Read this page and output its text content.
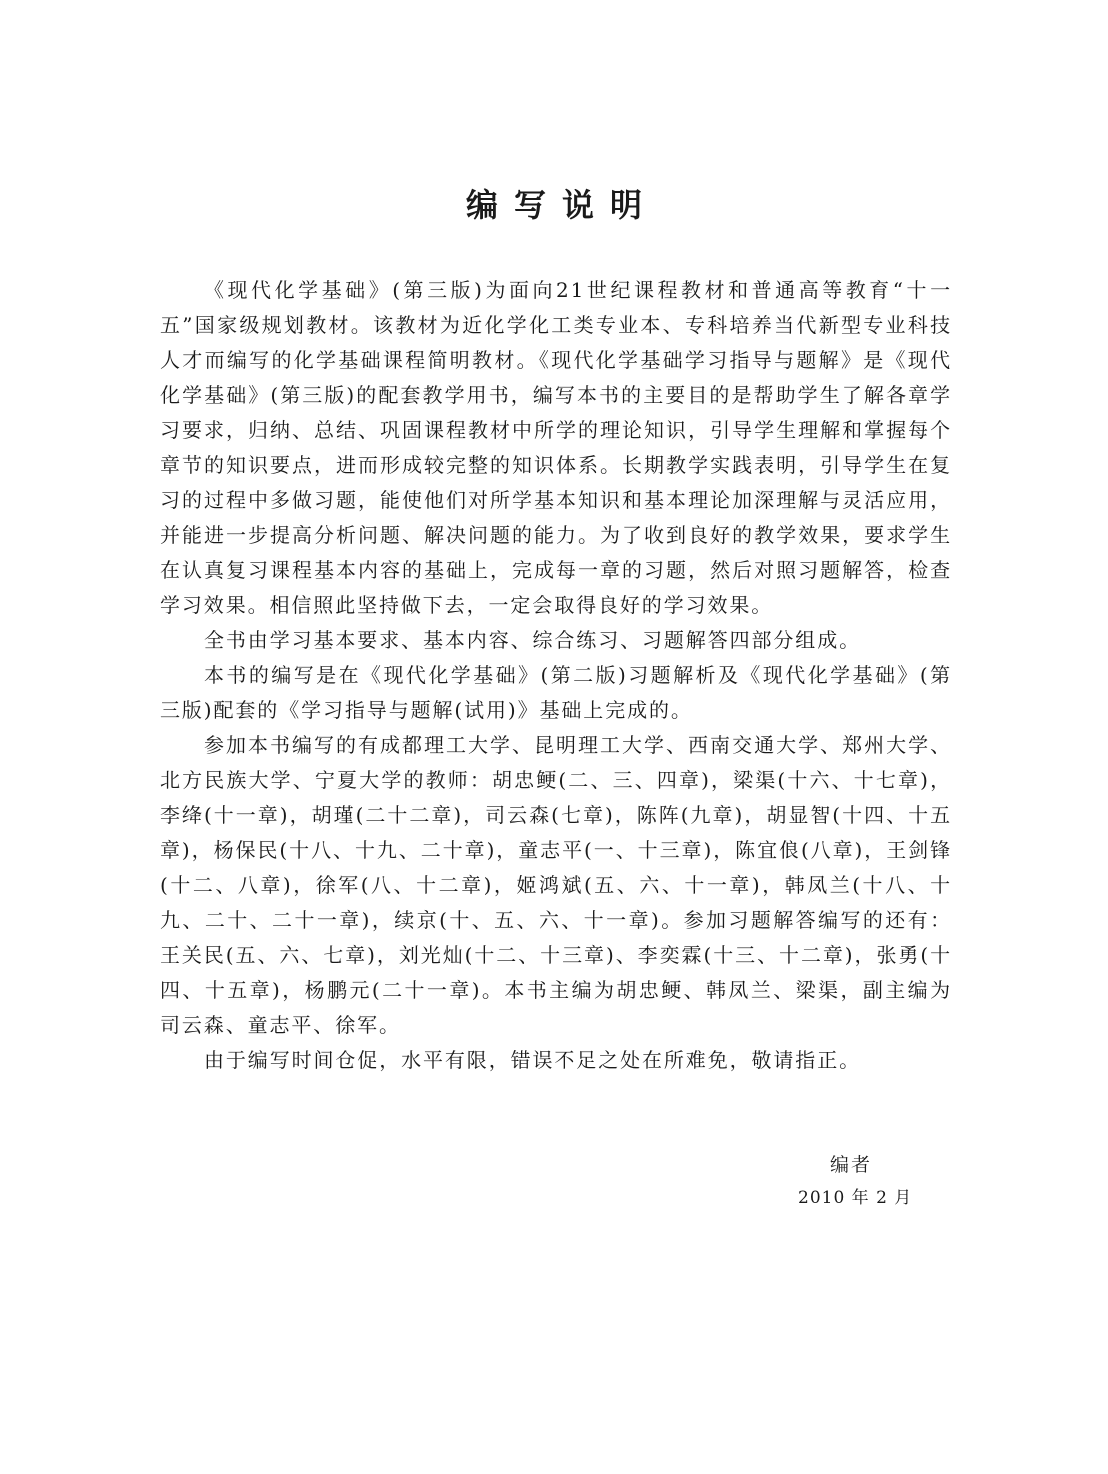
编写说明

《现代化学基础》(第三版)为面向21世纪课程教材和普通高等教育“十一五”国家级规划教材。该教材为近化学化工类专业本、专科培养当代新型专业科技人才而编写的化学基础课程简明教材。《现代化学基础学习指导与题解》是《现代化学基础》(第三版)的配套教学用书，编写本书的主要目的是帮助学生了解各章学习要求，归纳、总结、巩固课程教材中所学的理论知识，引导学生理解和掌握每个章节的知识要点，进而形成较完整的知识体系。长期教学实践表明，引导学生在复习的过程中多做习题，能使他们对所学基本知识和基本理论加深理解与灵活应用，并能进一步提高分析问题、解决问题的能力。为了收到良好的教学效果，要求学生在认真复习课程基本内容的基础上，完成每一章的习题，然后对照习题解答，检查学习效果。相信照此坚持做下去，一定会取得良好的学习效果。

全书由学习基本要求、基本内容、综合练习、习题解答四部分组成。

本书的编写是在《现代化学基础》(第二版)习题解析及《现代化学基础》(第三版)配套的《学习指导与题解(试用)》基础上完成的。

参加本书编写的有成都理工大学、昆明理工大学、西南交通大学、郑州大学、北方民族大学、宁夏大学的教师：胡忠鲠(二、三、四章)，梁渠(十六、十七章)，李绛(十一章)，胡瑾(二十二章)，司云森(七章)，陈阵(九章)，胡显智(十四、十五章)，杨保民(十八、十九、二十章)，童志平(一、十三章)，陈宜俍(八章)，王剑锋(十二、八章)，徐军(八、十二章)，姬鸿斌(五、六、十一章)，韩凤兰(十八、十九、二十、二十一章)，续京(十、五、六、十一章)。参加习题解答编写的还有：王关民(五、六、七章)，刘光灿(十二、十三章)、李奕霖(十三、十二章)，张勇(十四、十五章)，杨鹏元(二十一章)。本书主编为胡忠鲠、韩凤兰、梁渠，副主编为司云森、童志平、徐军。

由于编写时间仓促，水平有限，错误不足之处在所难免，敬请指正。

编者
2010 年 2 月
